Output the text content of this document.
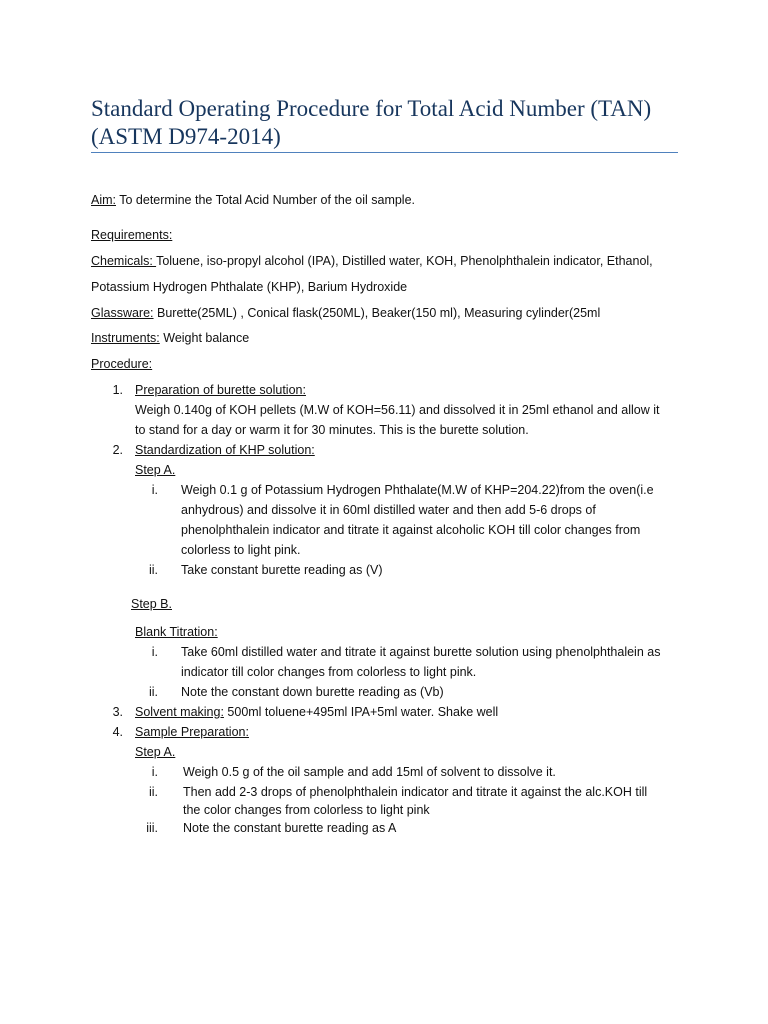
Standard Operating Procedure for Total Acid Number (TAN)
(ASTM D974-2014)
Aim: To determine the Total Acid Number of the oil sample.
Requirements:
Chemicals: Toluene, iso-propyl alcohol (IPA), Distilled water, KOH, Phenolphthalein indicator, Ethanol,
Potassium Hydrogen Phthalate (KHP), Barium Hydroxide
Glassware: Burette(25ML) , Conical flask(250ML), Beaker(150 ml), Measuring cylinder(25ml
Instruments: Weight balance
Procedure:
1. Preparation of burette solution:
Weigh 0.140g of KOH pellets (M.W of KOH=56.11) and dissolved it in 25ml ethanol and allow it
to stand for a day or warm it for 30 minutes. This is the burette solution.
2. Standardization of KHP solution:
Step A.
i. Weigh 0.1 g of Potassium Hydrogen Phthalate(M.W of KHP=204.22)from the oven(i.e
anhydrous) and dissolve it in 60ml distilled water and then add 5-6 drops of
phenolphthalein indicator and titrate it against alcoholic KOH till color changes from
colorless to light pink.
ii. Take constant burette reading as (V)
Step B.
Blank Titration:
i. Take 60ml distilled water and titrate it against burette solution using phenolphthalein as
indicator till color changes from colorless to light pink.
ii. Note the constant down burette reading as (Vb)
3. Solvent making: 500ml toluene+495ml IPA+5ml water. Shake well
4. Sample Preparation:
Step A.
i. Weigh 0.5 g of the oil sample and add 15ml of solvent to dissolve it.
ii. Then add 2-3 drops of phenolphthalein indicator and titrate it against the alc.KOH till
the color changes from colorless to light pink
iii. Note the constant burette reading as A
